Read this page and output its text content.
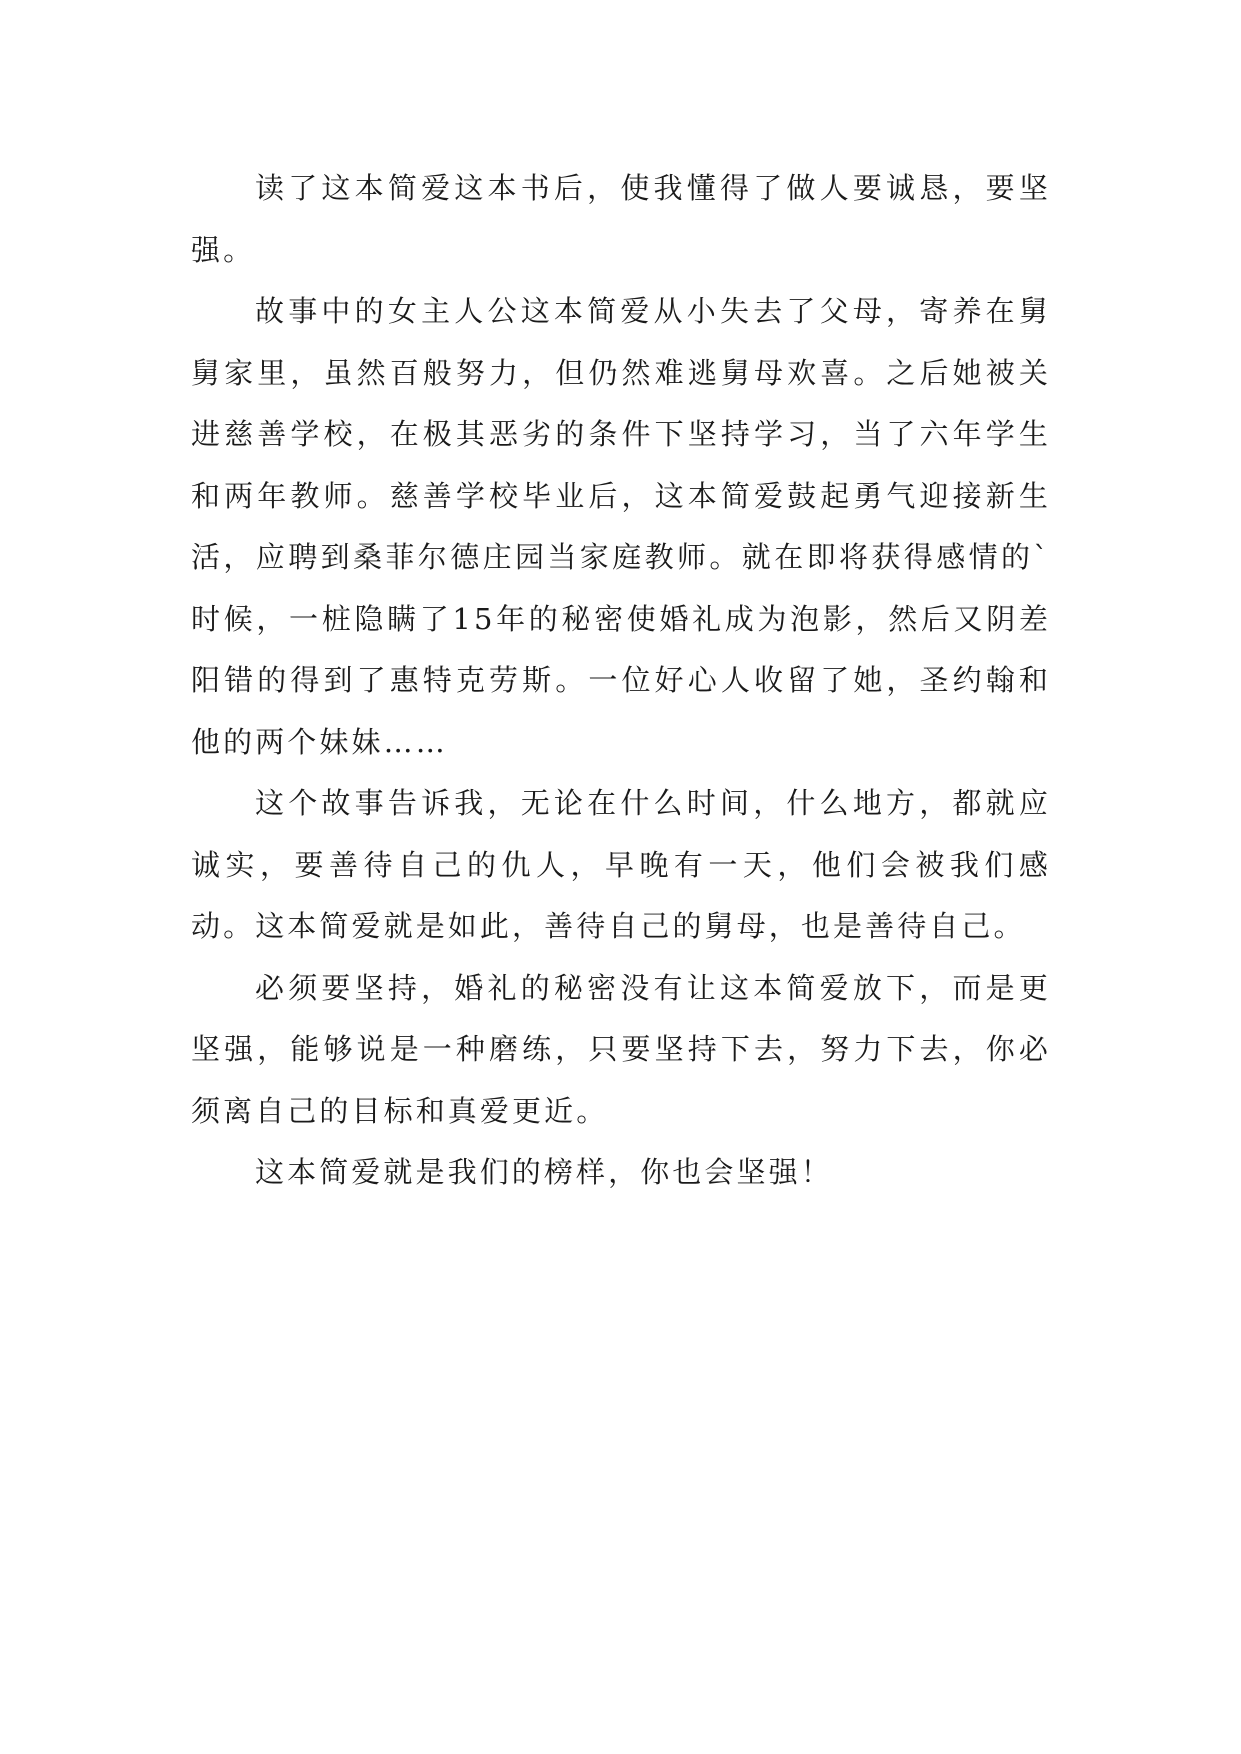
读了这本简爱这本书后，使我懂得了做人要诚恳，要坚强。

故事中的女主人公这本简爱从小失去了父母，寄养在舅舅家里，虽然百般努力，但仍然难逃舅母欢喜。之后她被关进慈善学校，在极其恶劣的条件下坚持学习，当了六年学生和两年教师。慈善学校毕业后，这本简爱鼓起勇气迎接新生活，应聘到桑菲尔德庄园当家庭教师。就在即将获得感情的`时候，一桩隐瞒了15年的秘密使婚礼成为泡影，然后又阴差阳错的得到了惠特克劳斯。一位好心人收留了她，圣约翰和他的两个妹妹……

这个故事告诉我，无论在什么时间，什么地方，都就应诚实，要善待自己的仇人，早晚有一天，他们会被我们感动。这本简爱就是如此，善待自己的舅母，也是善待自己。

必须要坚持，婚礼的秘密没有让这本简爱放下，而是更坚强，能够说是一种磨练，只要坚持下去，努力下去，你必须离自己的目标和真爱更近。

这本简爱就是我们的榜样，你也会坚强！
